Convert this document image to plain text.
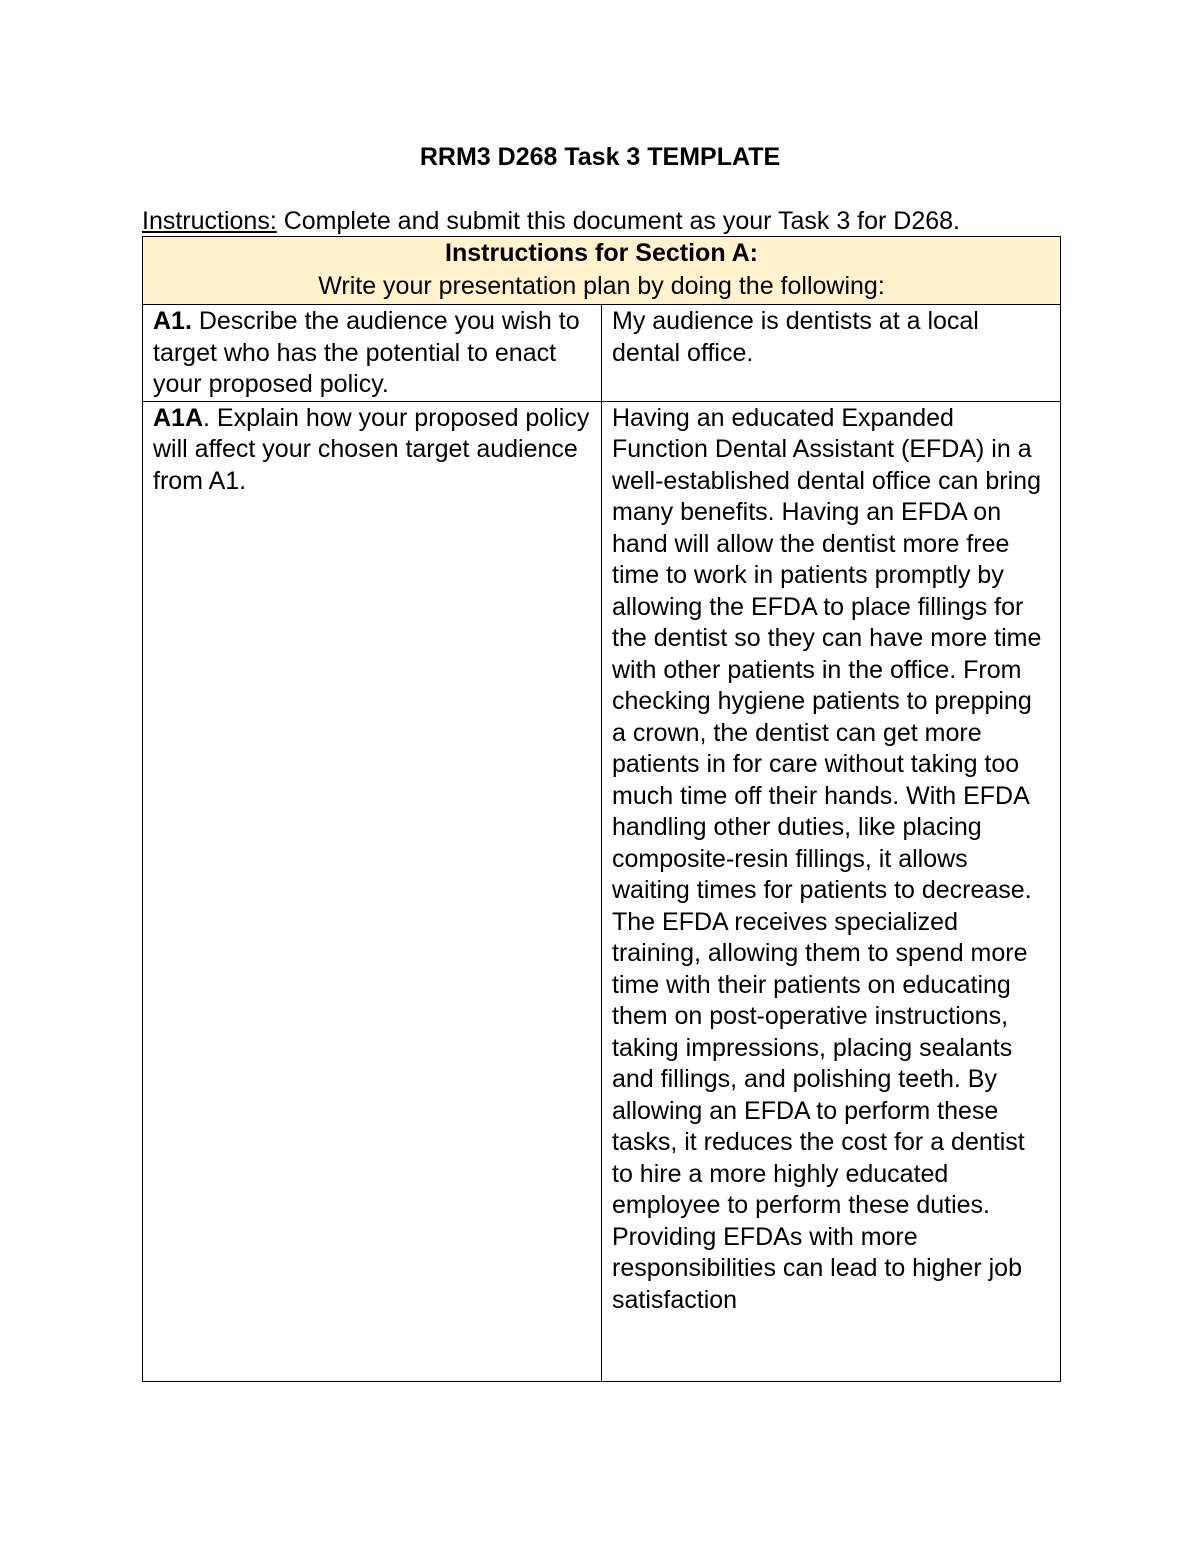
RRM3 D268 Task 3 TEMPLATE
Instructions: Complete and submit this document as your Task 3 for D268.
Instructions for Section A:
Write your presentation plan by doing the following:	

A1. Describe the audience you wish to target who has the potential to enact your proposed policy.	My audience is dentists at a local dental office.
A1A. Explain how your proposed policy will affect your chosen target audience from A1.	Having an educated Expanded Function Dental Assistant (EFDA) in a well-established dental office can bring many benefits. Having an EFDA on hand will allow the dentist more free time to work in patients promptly by allowing the EFDA to place fillings for the dentist so they can have more time with other patients in the office. From checking hygiene patients to prepping a crown, the dentist can get more patients in for care without taking too much time off their hands. With EFDA handling other duties, like placing composite-resin fillings, it allows waiting times for patients to decrease. The EFDA receives specialized training, allowing them to spend more time with their patients on educating them on post-operative instructions, taking impressions, placing sealants and fillings, and polishing teeth. By allowing an EFDA to perform these tasks, it reduces the cost for a dentist to hire a more highly educated employee to perform these duties. Providing EFDAs with more responsibilities can lead to higher job satisfaction
